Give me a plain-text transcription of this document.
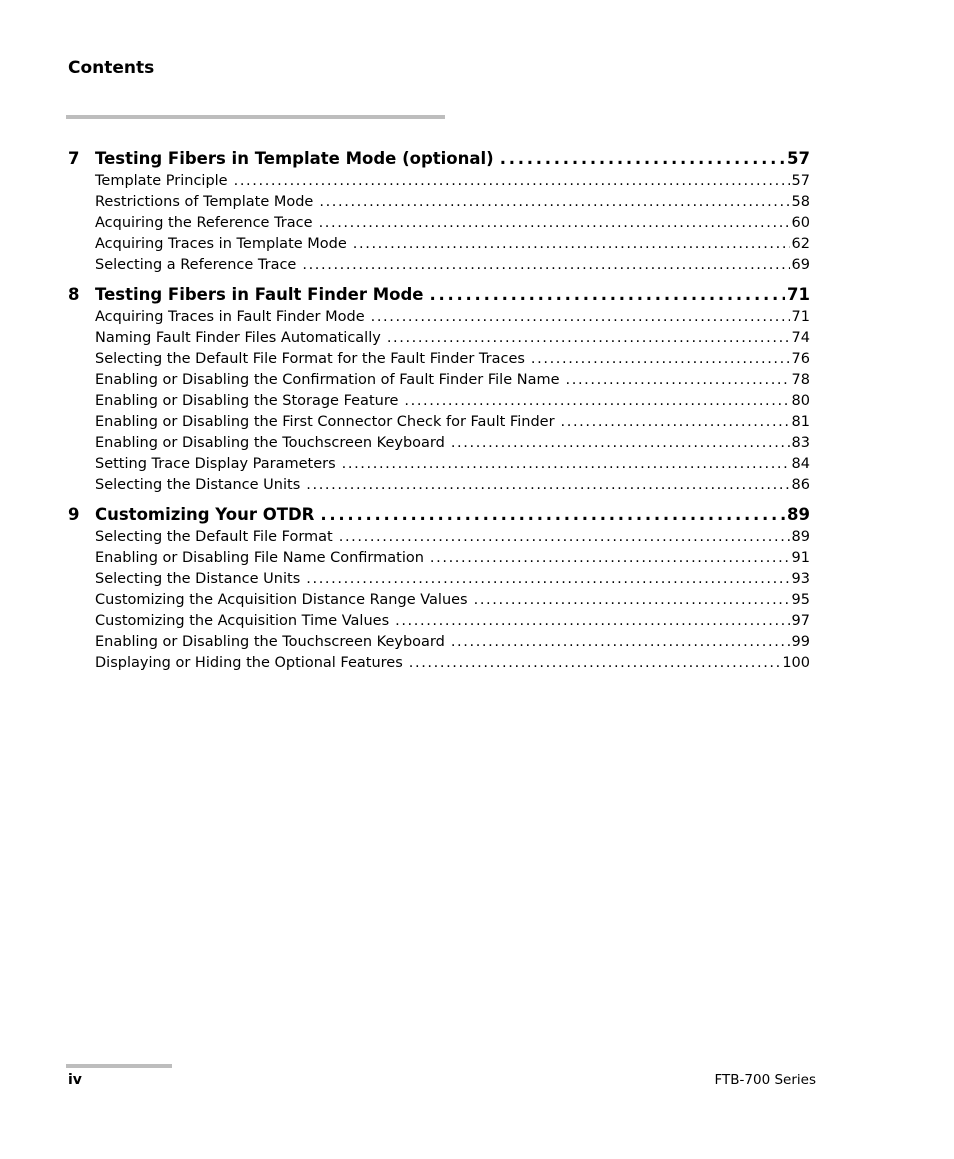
Contents
7 Testing Fibers in Template Mode (optional) . . .	57
Template Principle . . .	57
Restrictions of Template Mode . . .	58
Acquiring the Reference Trace . . .	60
Acquiring Traces in Template Mode . . .	62
Selecting a Reference Trace . . .	69
8 Testing Fibers in Fault Finder Mode . . .	71
Acquiring Traces in Fault Finder Mode . . .	71
Naming Fault Finder Files Automatically . . .	74
Selecting the Default File Format for the Fault Finder Traces . . .	76
Enabling or Disabling the Confirmation of Fault Finder File Name . . .	78
Enabling or Disabling the Storage Feature . . .	80
Enabling or Disabling the First Connector Check for Fault Finder . . .	81
Enabling or Disabling the Touchscreen Keyboard . . .	83
Setting Trace Display Parameters . . .	84
Selecting the Distance Units . . .	86
9 Customizing Your OTDR . . .	89
Selecting the Default File Format . . .	89
Enabling or Disabling File Name Confirmation . . .	91
Selecting the Distance Units . . .	93
Customizing the Acquisition Distance Range Values . . .	95
Customizing the Acquisition Time Values . . .	97
Enabling or Disabling the Touchscreen Keyboard . . .	99
Displaying or Hiding the Optional Features . . .	100
iv	FTB-700 Series
